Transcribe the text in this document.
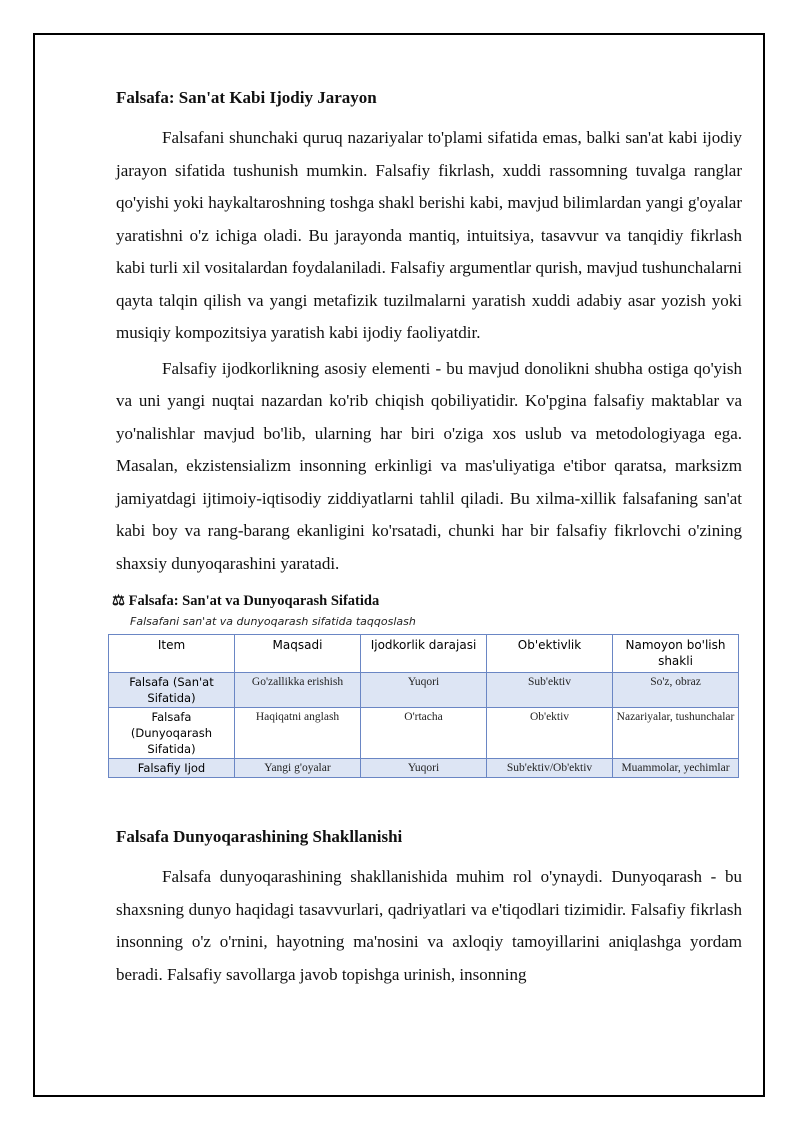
Falsafa: San'at Kabi Ijodiy Jarayon

Falsafani shunchaki quruq nazariyalar to'plami sifatida emas, balki san'at kabi ijodiy jarayon sifatida tushunish mumkin. Falsafiy fikrlash, xuddi rassomning tuvalga ranglar qo'yishi yoki haykaltaroshning toshga shakl berishi kabi, mavjud bilimlardan yangi g'oyalar yaratishni o'z ichiga oladi. Bu jarayonda mantiq, intuitsiya, tasavvur va tanqidiy fikrlash kabi turli xil vositalardan foydalaniladi. Falsafiy argumentlar qurish, mavjud tushunchalarni qayta talqin qilish va yangi metafizik tuzilmalarni yaratish xuddi adabiy asar yozish yoki musiqiy kompozitsiya yaratish kabi ijodiy faoliyatdir.

Falsafiy ijodkorlikning asosiy elementi - bu mavjud donolikni shubha ostiga qo'yish va uni yangi nuqtai nazardan ko'rib chiqish qobiliyatidir. Ko'pgina falsafiy maktablar va yo'nalishlar mavjud bo'lib, ularning har biri o'ziga xos uslub va metodologiyaga ega. Masalan, ekzistensializm insonning erkinligi va mas'uliyatiga e'tibor qaratsa, marksizm jamiyatdagi ijtimoiy-iqtisodiy ziddiyatlarni tahlil qiladi. Bu xilma-xillik falsafaning san'at kabi boy va rang-barang ekanligini ko'rsatadi, chunki har bir falsafiy fikrlovchi o'zining shaxsiy dunyoqarashini yaratadi.

⚖ Falsafa: San'at va Dunyoqarash Sifatida
Falsafani san'at va dunyoqarash sifatida taqqoslash
Item	Maqsadi	Ijodkorlik darajasi	Ob'ektivlik	Namoyon bo'lish shakli
Falsafa (San'at Sifatida)	Go'zallikka erishish	Yuqori	Sub'ektiv	So'z, obraz
Falsafa (Dunyoqarash Sifatida)	Haqiqatni anglash	O'rtacha	Ob'ektiv	Nazariyalar, tushunchalar
Falsafiy Ijod	Yangi g'oyalar	Yuqori	Sub'ektiv/Ob'ektiv	Muammolar, yechimlar
Falsafa Dunyoqarashining Shakllanishi

Falsafa dunyoqarashining shakllanishida muhim rol o'ynaydi. Dunyoqarash - bu shaxsning dunyo haqidagi tasavvurlari, qadriyatlari va e'tiqodlari tizimidir. Falsafiy fikrlash insonning o'z o'rnini, hayotning ma'nosini va axloqiy tamoyillarini aniqlashga yordam beradi. Falsafiy savollarga javob topishga urinish, insonning
